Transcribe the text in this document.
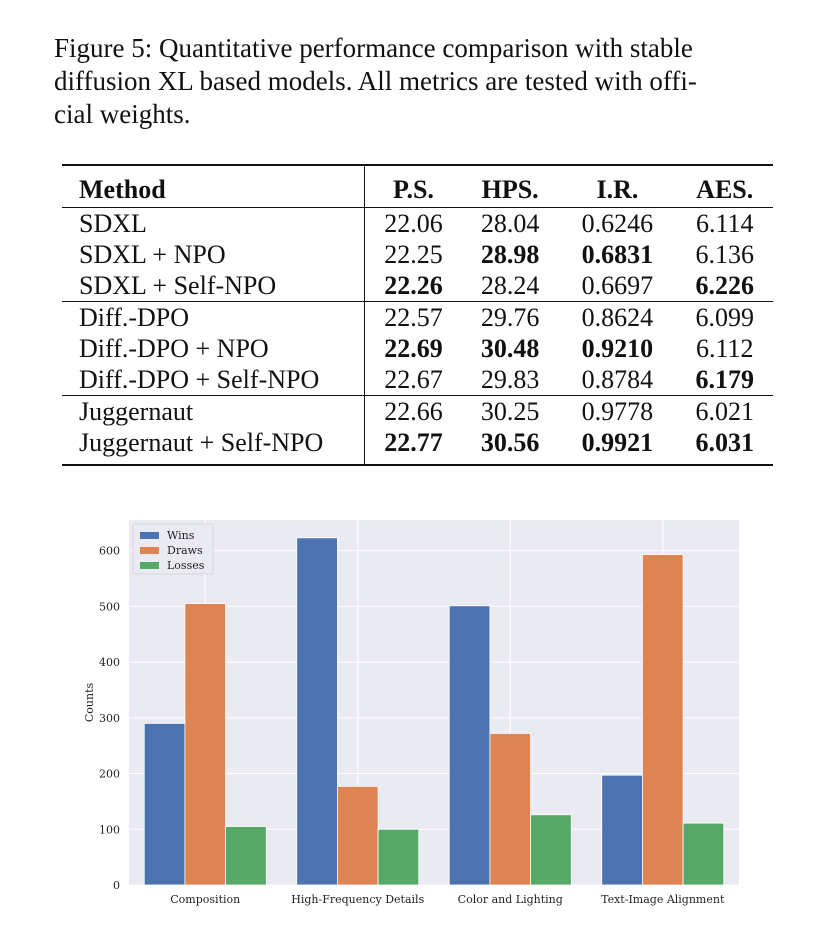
Figure 5: Quantitative performance comparison with stable
diffusion XL based models. All metrics are tested with offi-
cial weights.
Method	P.S.	HPS.	I.R.	AES.
SDXL	22.06	28.04	0.6246	6.114
SDXL + NPO	22.25	28.98	0.6831	6.136
SDXL + Self-NPO	22.26	28.24	0.6697	6.226
Diff.-DPO	22.57	29.76	0.8624	6.099
Diff.-DPO + NPO	22.69	30.48	0.9210	6.112
Diff.-DPO + Self-NPO	22.67	29.83	0.8784	6.179
Juggernaut	22.66	30.25	0.9778	6.021
Juggernaut + Self-NPO	22.77	30.56	0.9921	6.031
0
100
200
300
400
500
600
Composition	High-Frequency Details	Color and Lighting	Text-Image Alignment
Counts
Wins
Draws
Losses
